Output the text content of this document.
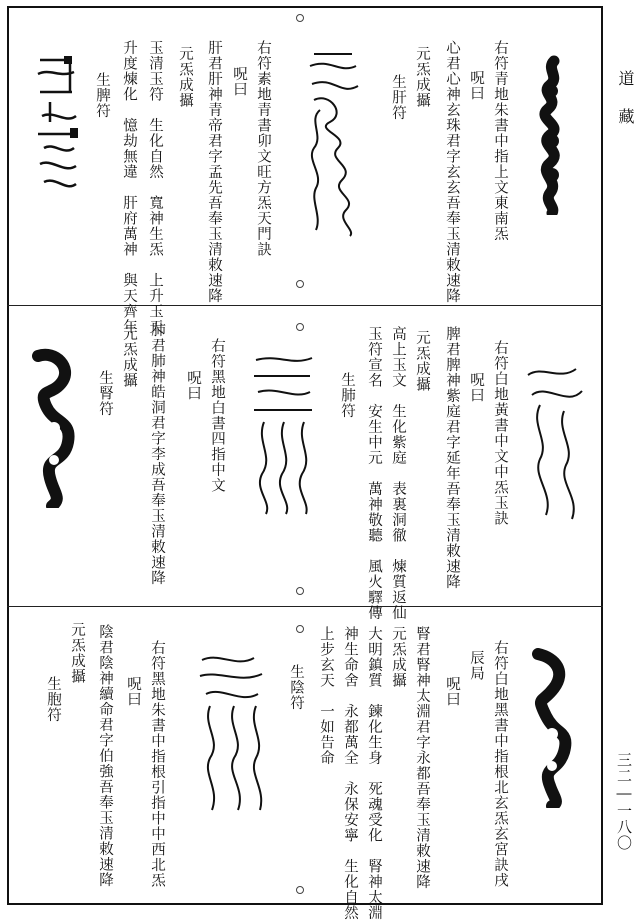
道　藏
三二―一八〇
右符青地朱書中指上文東南炁
呪曰
心君心神玄珠君字玄玄吾奉玉清敕速降
元炁成攝
生肝符
右符素地青書卯文旺方炁天門訣
呪曰
肝君肝神青帝君字孟先吾奉玉清敕速降
元炁成攝
玉清玉符　生化自然　寬神生炁　上升玉天
升度煉化　憶劫無違　肝府萬神　與天齊年
生脾符
右符白地黃書中文中炁玉訣
呪曰
脾君脾神紫庭君字延年吾奉玉清敕速降
元炁成攝
高上玉文　生化紫庭　表裏洞徹　煉質返仙
玉符宣名　安生中元　萬神敬聽　風火驛傳
生肺符
右符黑地白書四指中文
呪曰
肺君肺神皓洞君字李成吾奉玉清敕速降
元炁成攝
生腎符
右符白地黑書中指根北玄炁玄宮訣戌
辰局
呪曰
腎君腎神太淵君字永都吾奉玉清敕速降
元炁成攝
大明鎮質　鍊化生身　死魂受化　腎神太淵
神生命舍　永都萬全　永保安寧　生化自然
上步玄天　一如告命
生陰符
右符黑地朱書中指根引指中中西北炁
呪曰
陰君陰神續命君字伯強吾奉玉清敕速降
元炁成攝
生胞符
